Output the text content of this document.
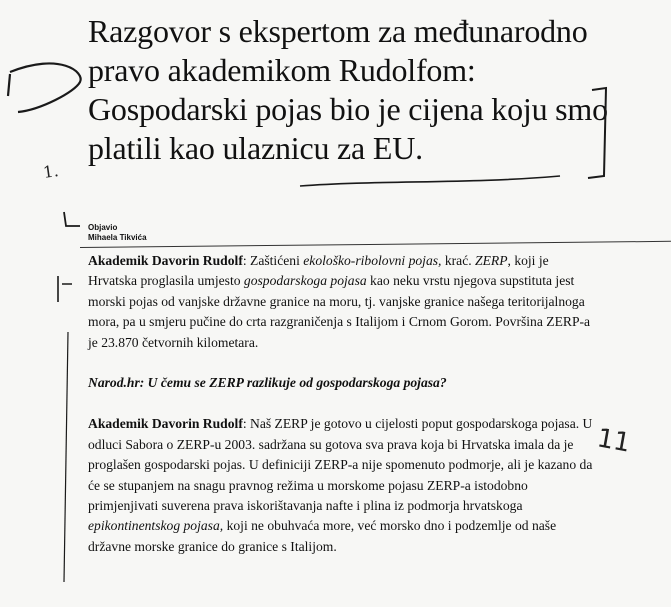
Razgovor s ekspertom za međunarodno pravo akademikom Rudolfom: Gospodarski pojas bio je cijena koju smo platili kao ulaznicu za EU.
Objavio
Mihaela Tikvića

Akademik Davorin Rudolf: Zaštićeni ekološko-ribolovni pojas, krać. ZERP, koji je Hrvatska proglasila umjesto gospodarskoga pojasa kao neku vrstu njegova supstituta jest morski pojas od vanjske državne granice na moru, tj. vanjske granice našega teritorijalnoga mora, pa u smjeru pučine do crta razgraničenja s Italijom i Crnom Gorom. Površina ZERP-a je 23.870 četvornih kilometara.

Narod.hr: U čemu se ZERP razlikuje od gospodarskoga pojasa?

Akademik Davorin Rudolf: Naš ZERP je gotovo u cijelosti poput gospodarskoga pojasa. U odluci Sabora o ZERP-u 2003. sadržana su gotova sva prava koja bi Hrvatska imala da je proglašen gospodarski pojas. U definiciji ZERP-a nije spomenuto podmorje, ali je kazano da će se stupanjem na snagu pravnog režima u morskome pojasu ZERP-a istodobno primjenjivati suverena prava iskorištavanja nafte i plina iz podmorja hrvatskoga epikontinentskog pojasa, koji ne obuhvaća more, već morsko dno i podzemlje od naše državne morske granice do granice s Italijom.

1.
11
